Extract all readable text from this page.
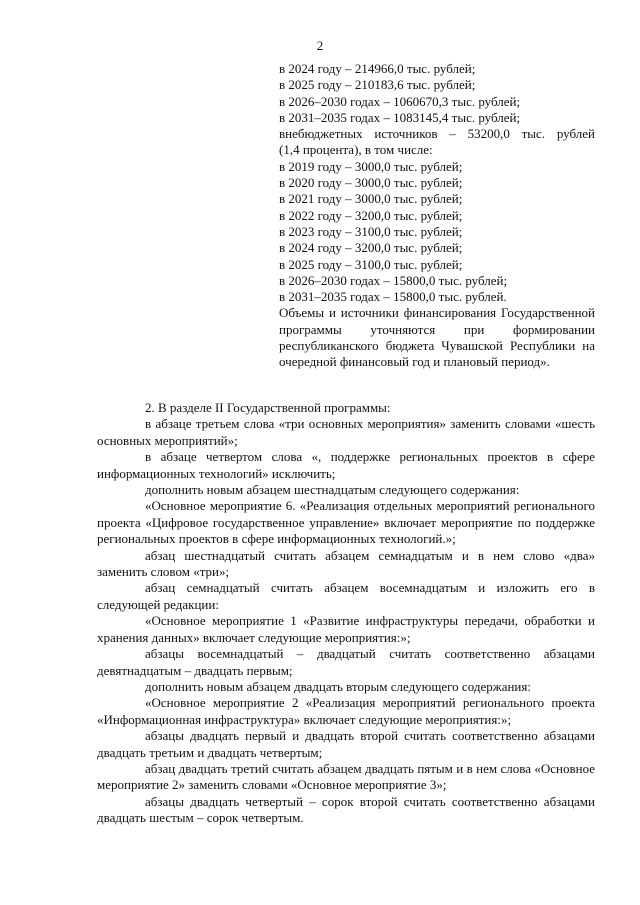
2
в 2024 году – 214966,0 тыс. рублей;
в 2025 году – 210183,6 тыс. рублей;
в 2026–2030 годах – 1060670,3 тыс. рублей;
в 2031–2035 годах – 1083145,4 тыс. рублей;
внебюджетных источников – 53200,0 тыс. рублей
(1,4 процента), в том числе:
в 2019 году – 3000,0 тыс. рублей;
в 2020 году – 3000,0 тыс. рублей;
в 2021 году – 3000,0 тыс. рублей;
в 2022 году – 3200,0 тыс. рублей;
в 2023 году – 3100,0 тыс. рублей;
в 2024 году – 3200,0 тыс. рублей;
в 2025 году – 3100,0 тыс. рублей;
в 2026–2030 годах – 15800,0 тыс. рублей;
в 2031–2035 годах – 15800,0 тыс. рублей.
Объемы и источники финансирования Государственной программы уточняются при формировании республиканского бюджета Чувашской Республики на очередной финансовый год и плановый период».

2. В разделе II Государственной программы:

в абзаце третьем слова «три основных мероприятия» заменить словами «шесть основных мероприятий»;

в абзаце четвертом слова «, поддержке региональных проектов в сфере информационных технологий» исключить;

дополнить новым абзацем шестнадцатым следующего содержания:

«Основное мероприятие 6. «Реализация отдельных мероприятий регионального проекта «Цифровое государственное управление» включает мероприятие по поддержке региональных проектов в сфере информационных технологий.»;

абзац шестнадцатый считать абзацем семнадцатым и в нем слово «два» заменить словом «три»;

абзац семнадцатый считать абзацем восемнадцатым и изложить его в следующей редакции:

«Основное мероприятие 1 «Развитие инфраструктуры передачи, обработки и хранения данных» включает следующие мероприятия:»;

абзацы восемнадцатый – двадцатый считать соответственно абзацами девятнадцатым – двадцать первым;

дополнить новым абзацем двадцать вторым следующего содержания:

«Основное мероприятие 2 «Реализация мероприятий регионального проекта «Информационная инфраструктура» включает следующие мероприятия:»;

абзацы двадцать первый и двадцать второй считать соответственно абзацами двадцать третьим и двадцать четвертым;

абзац двадцать третий считать абзацем двадцать пятым и в нем слова «Основное мероприятие 2» заменить словами «Основное мероприятие 3»;

абзацы двадцать четвертый – сорок второй считать соответственно абзацами двадцать шестым – сорок четвертым.
